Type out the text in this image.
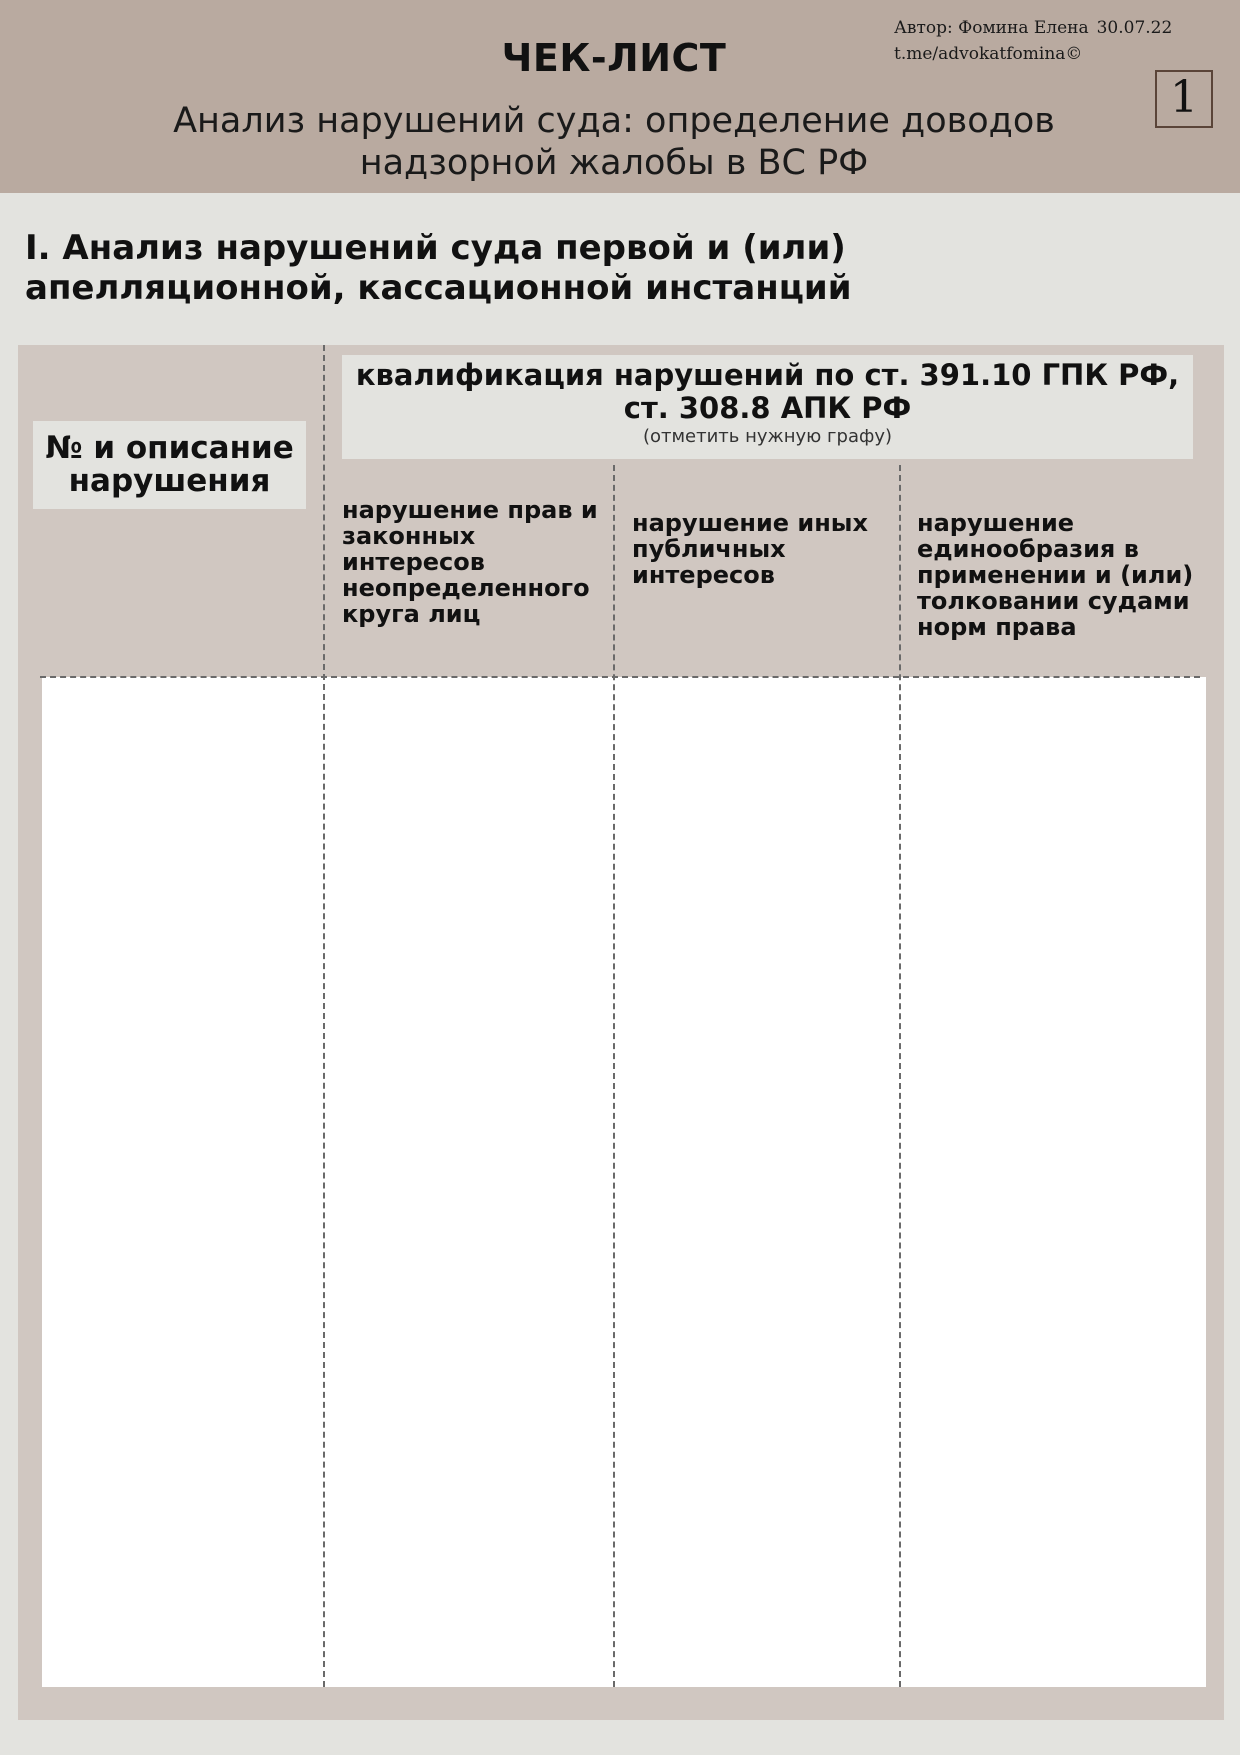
ЧЕК-ЛИСТ
Анализ нарушений суда: определение доводов надзорной жалобы в ВС РФ
Автор: Фомина Елена 30.07.22
t.me/advokatfomina©
1
I. Анализ нарушений суда первой и (или) апелляционной, кассационной инстанций
№ и описание нарушения
квалификация нарушений по ст. 391.10 ГПК РФ, ст. 308.8 АПК РФ
(отметить нужную графу)
нарушение прав и законных интересов неопределенного круга лиц
нарушение иных публичных интересов
нарушение единообразия в применении и (или) толковании судами норм права
